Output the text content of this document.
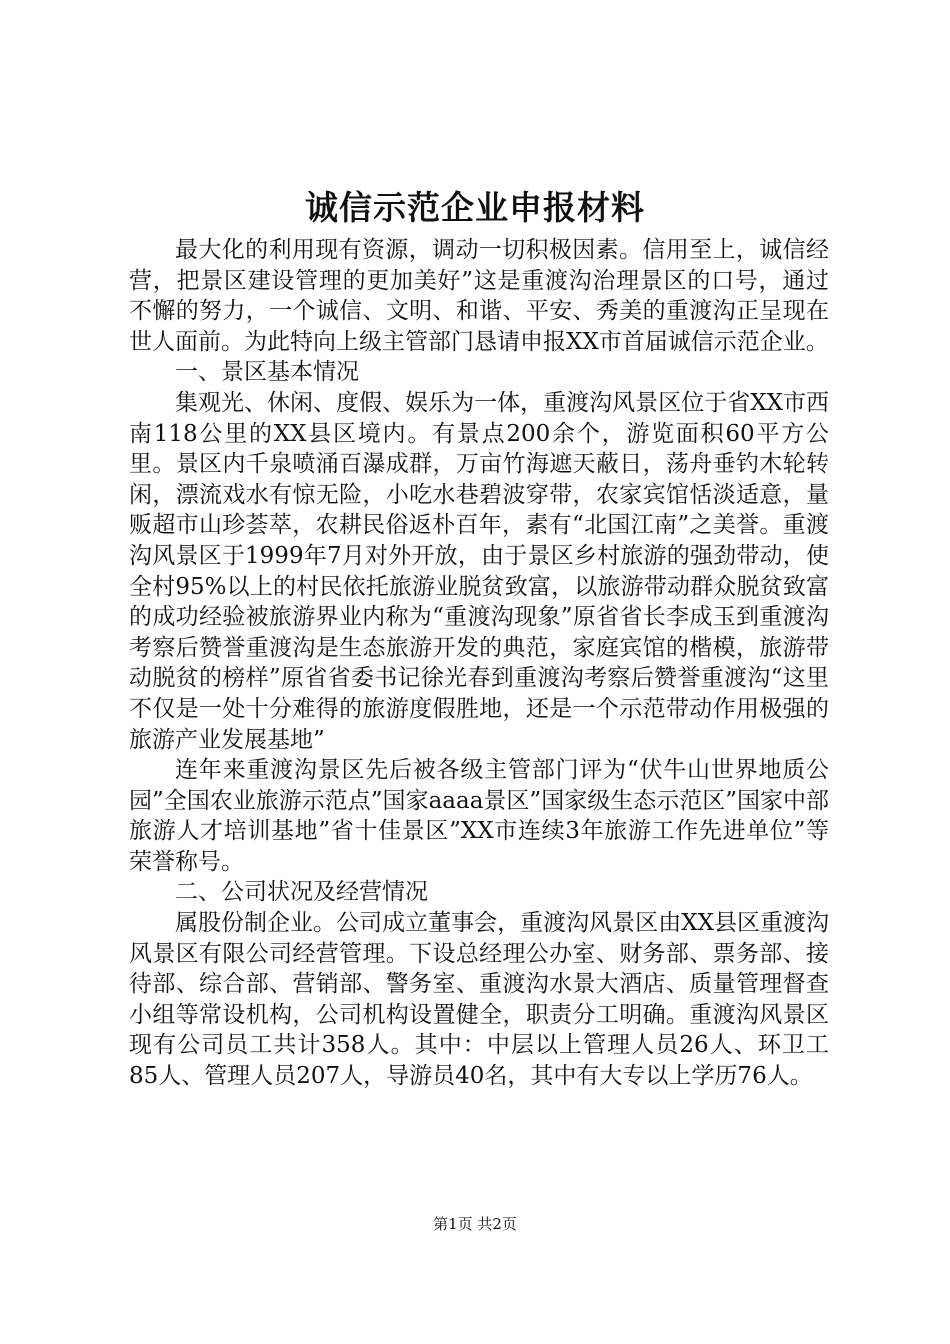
诚信示范企业申报材料

最大化的利用现有资源，调动一切积极因素。信用至上，诚信经营，把景区建设管理的更加美好”这是重渡沟治理景区的口号，通过不懈的努力，一个诚信、文明、和谐、平安、秀美的重渡沟正呈现在世人面前。为此特向上级主管部门恳请申报XX市首届诚信示范企业。

一、景区基本情况

集观光、休闲、度假、娱乐为一体，重渡沟风景区位于省XX市西南118公里的XX县区境内。有景点200余个，游览面积60平方公里。景区内千泉喷涌百瀑成群，万亩竹海遮天蔽日，荡舟垂钓木轮转闲，漂流戏水有惊无险，小吃水巷碧波穿带，农家宾馆恬淡适意，量贩超市山珍荟萃，农耕民俗返朴百年，素有“北国江南”之美誉。重渡沟风景区于1999年7月对外开放，由于景区乡村旅游的强劲带动，使全村95%以上的村民依托旅游业脱贫致富，以旅游带动群众脱贫致富的成功经验被旅游界业内称为“重渡沟现象”原省省长李成玉到重渡沟考察后赞誉重渡沟是生态旅游开发的典范，家庭宾馆的楷模，旅游带动脱贫的榜样”原省省委书记徐光春到重渡沟考察后赞誉重渡沟“这里不仅是一处十分难得的旅游度假胜地，还是一个示范带动作用极强的旅游产业发展基地”

连年来重渡沟景区先后被各级主管部门评为“伏牛山世界地质公园”全国农业旅游示范点”国家aaaa景区”国家级生态示范区”国家中部旅游人才培训基地”省十佳景区”XX市连续3年旅游工作先进单位”等荣誉称号。

二、公司状况及经营情况

属股份制企业。公司成立董事会，重渡沟风景区由XX县区重渡沟风景区有限公司经营管理。下设总经理公办室、财务部、票务部、接待部、综合部、营销部、警务室、重渡沟水景大酒店、质量管理督查小组等常设机构，公司机构设置健全，职责分工明确。重渡沟风景区现有公司员工共计358人。其中：中层以上管理人员26人、环卫工85人、管理人员207人，导游员40名，其中有大专以上学历76人。

第1页 共2页
